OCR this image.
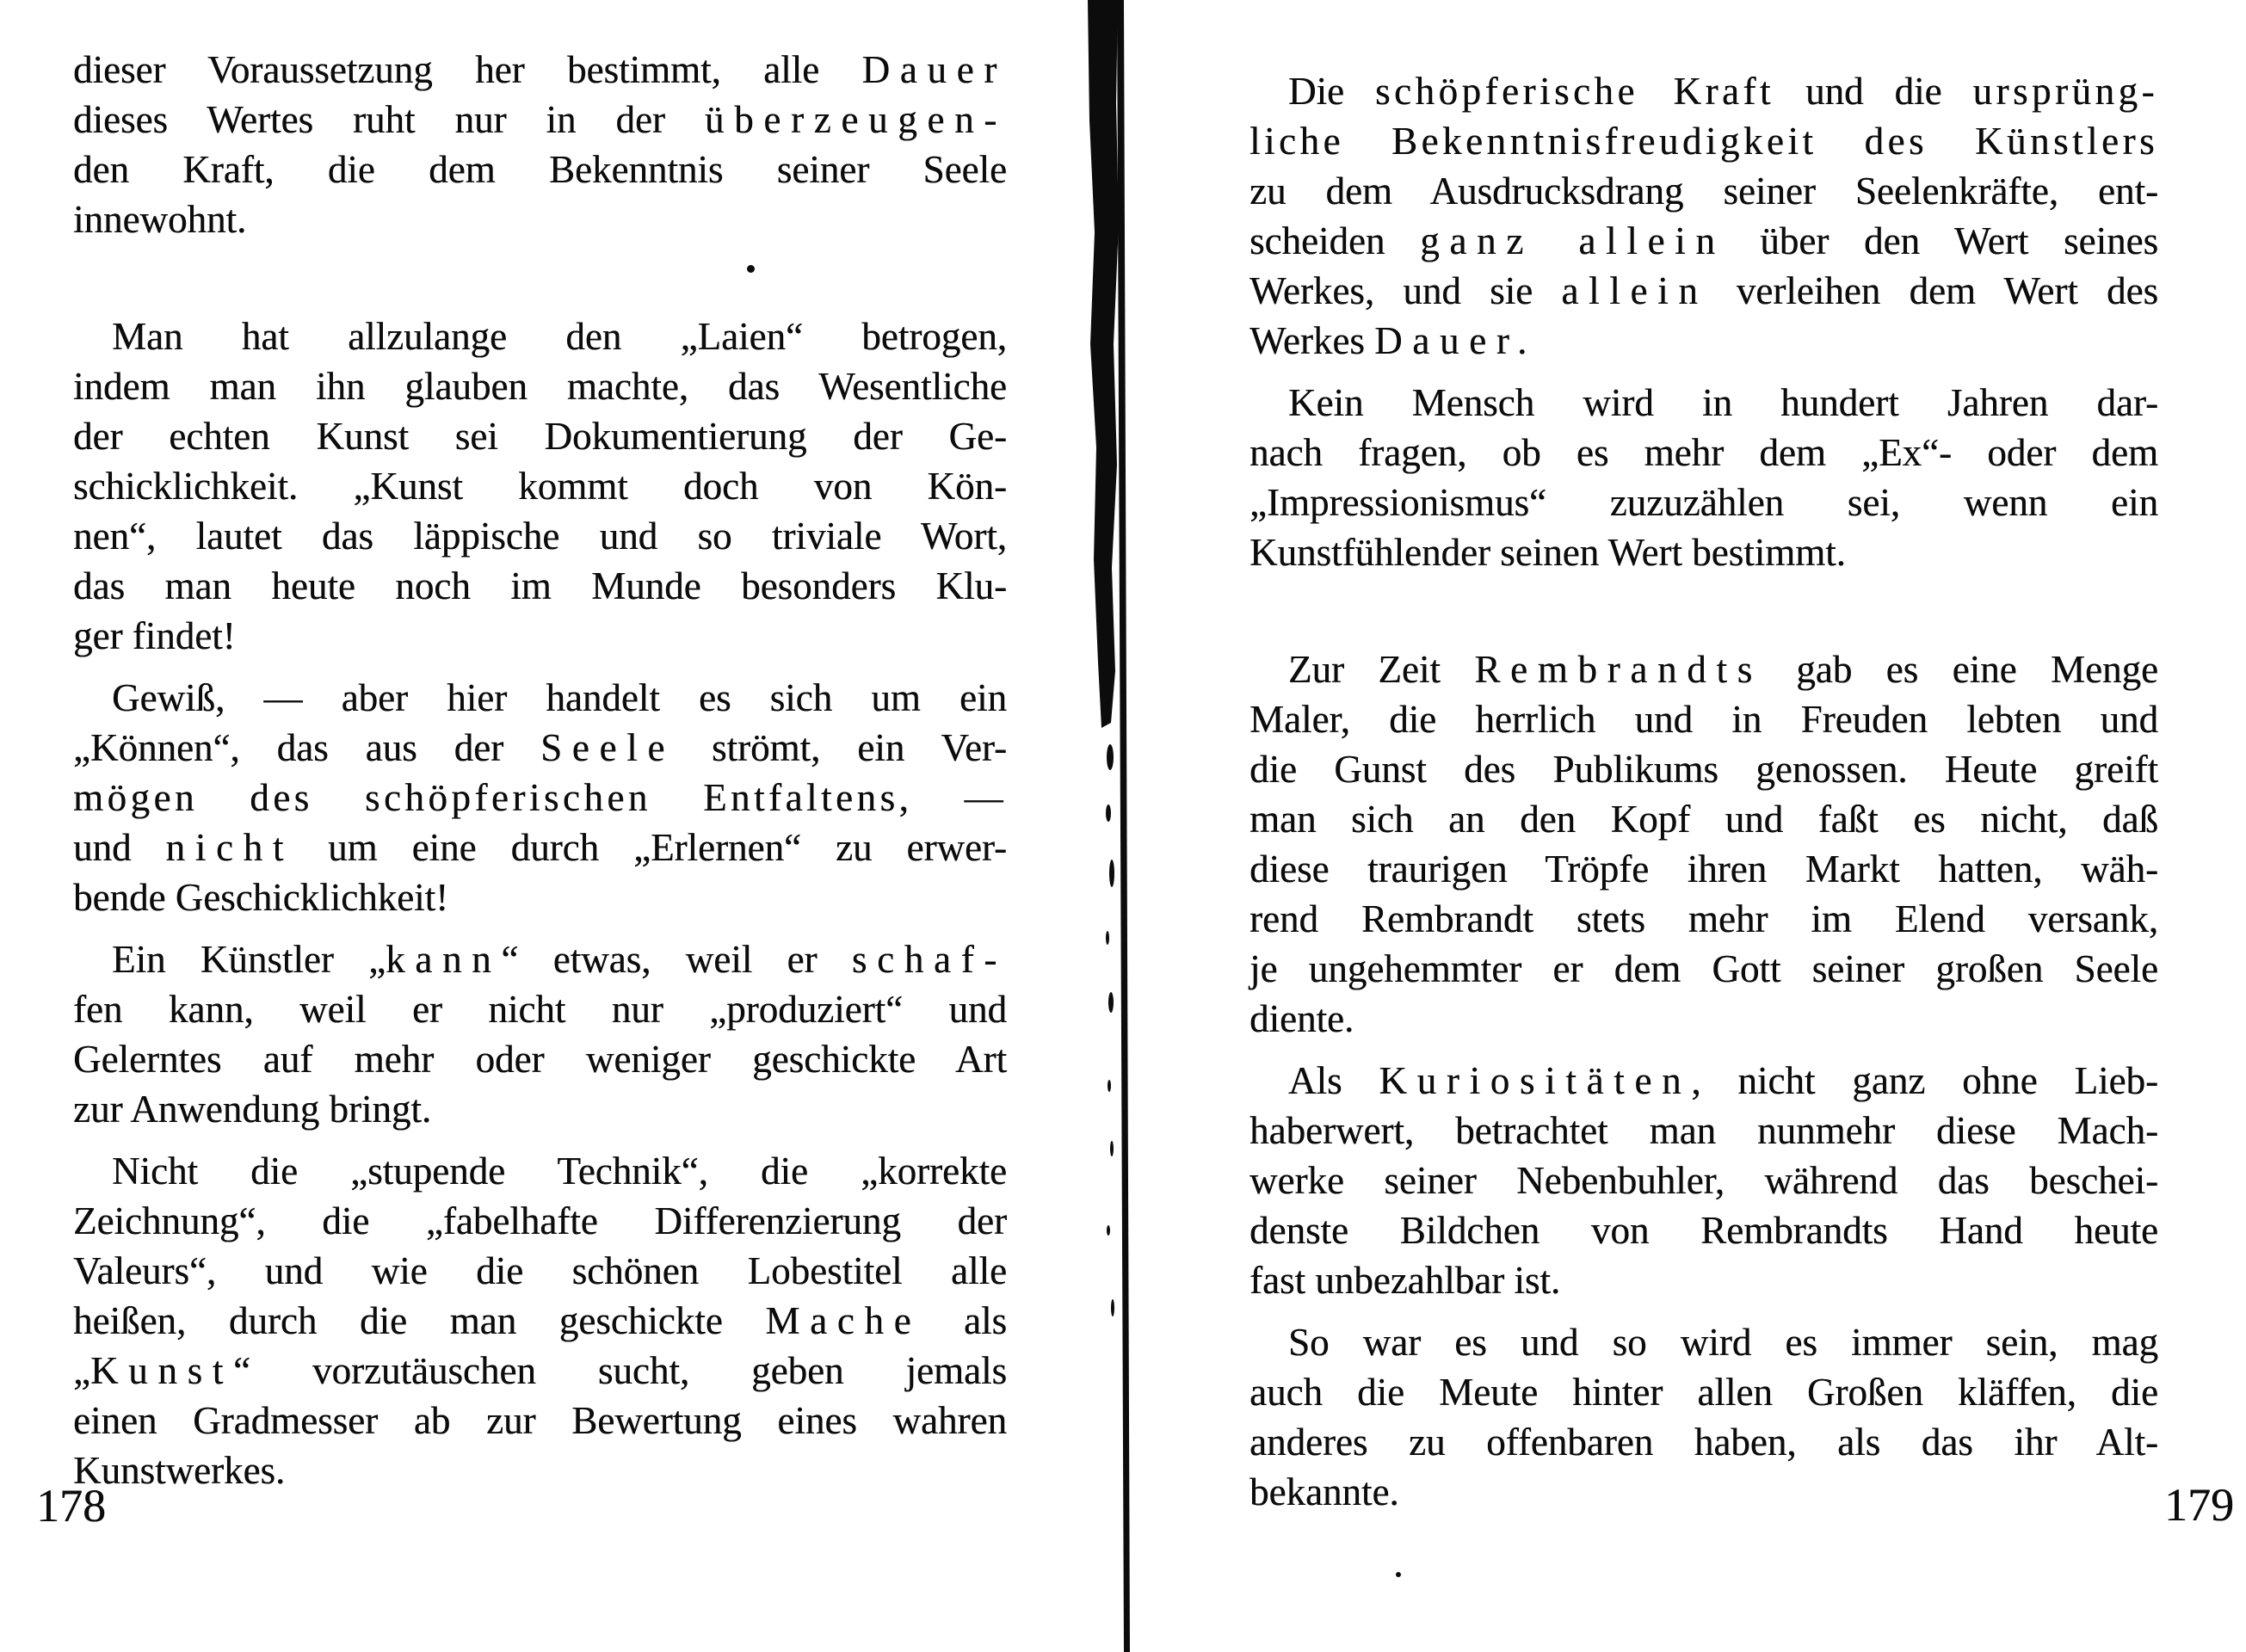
dieser Voraussetzung her bestimmt, alle Dauer
dieses Wertes ruht nur in der überzeugen-
den Kraft, die dem Bekenntnis seiner Seele
innewohnt.
Man hat allzulange den „Laien“ betrogen,
indem man ihn glauben machte, das Wesentliche
der echten Kunst sei Dokumentierung der Ge-
schicklichkeit. „Kunst kommt doch von Kön-
nen“, lautet das läppische und so triviale Wort,
das man heute noch im Munde besonders Klu-
ger findet!
Gewiß, — aber hier handelt es sich um ein
„Können“, das aus der Seele strömt, ein Ver-
mögen des schöpferischen Entfaltens, —
und nicht um eine durch „Erlernen“ zu erwer-
bende Geschicklichkeit!
Ein Künstler „kann“ etwas, weil er schaf-
fen kann, weil er nicht nur „produziert“ und
Gelerntes auf mehr oder weniger geschickte Art
zur Anwendung bringt.
Nicht die „stupende Technik“, die „korrekte
Zeichnung“, die „fabelhafte Differenzierung der
Valeurs“, und wie die schönen Lobestitel alle
heißen, durch die man geschickte Mache als
„Kunst“ vorzutäuschen sucht, geben jemals
einen Gradmesser ab zur Bewertung eines wahren
Kunstwerkes.
Die schöpferische Kraft und die ursprüng-
liche Bekenntnisfreudigkeit des Künstlers
zu dem Ausdrucksdrang seiner Seelenkräfte, ent-
scheiden ganz allein über den Wert seines
Werkes, und sie allein verleihen dem Wert des
Werkes Dauer.
Kein Mensch wird in hundert Jahren dar-
nach fragen, ob es mehr dem „Ex“- oder dem
„Impressionismus“ zuzuzählen sei, wenn ein
Kunstfühlender seinen Wert bestimmt.
Zur Zeit Rembrandts gab es eine Menge
Maler, die herrlich und in Freuden lebten und
die Gunst des Publikums genossen. Heute greift
man sich an den Kopf und faßt es nicht, daß
diese traurigen Tröpfe ihren Markt hatten, wäh-
rend Rembrandt stets mehr im Elend versank,
je ungehemmter er dem Gott seiner großen Seele
diente.
Als Kuriositäten, nicht ganz ohne Lieb-
haberwert, betrachtet man nunmehr diese Mach-
werke seiner Nebenbuhler, während das beschei-
denste Bildchen von Rembrandts Hand heute
fast unbezahlbar ist.
So war es und so wird es immer sein, mag
auch die Meute hinter allen Großen kläffen, die
anderes zu offenbaren haben, als das ihr Alt-
bekannte.
178	179
